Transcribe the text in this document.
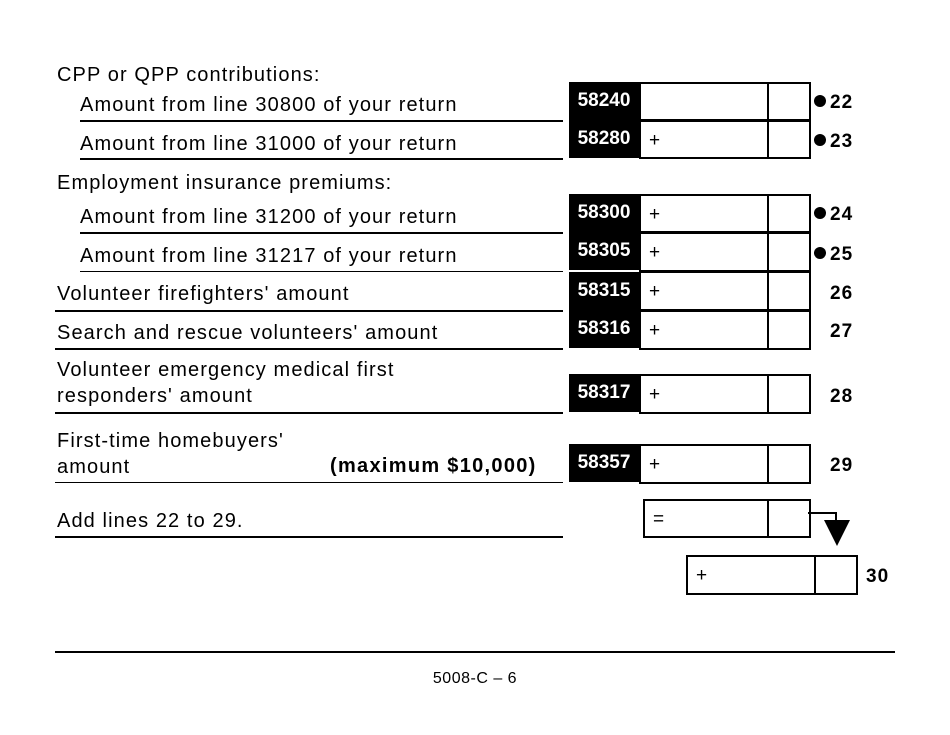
CPP or QPP contributions:
Amount from line 30800 of your return	58240	22
Amount from line 31000 of your return	58280 +	23
Employment insurance premiums:
Amount from line 31200 of your return	58300 +	24
Amount from line 31217 of your return	58305 +	25
Volunteer firefighters' amount	58315 +	26
Search and rescue volunteers' amount	58316 +	27
Volunteer emergency medical first
responders' amount	58317 +	28
First-time homebuyers'
amount	(maximum $10,000)	58357 +	29
Add lines 22 to 29.	=
+	30
5008-C – 6
